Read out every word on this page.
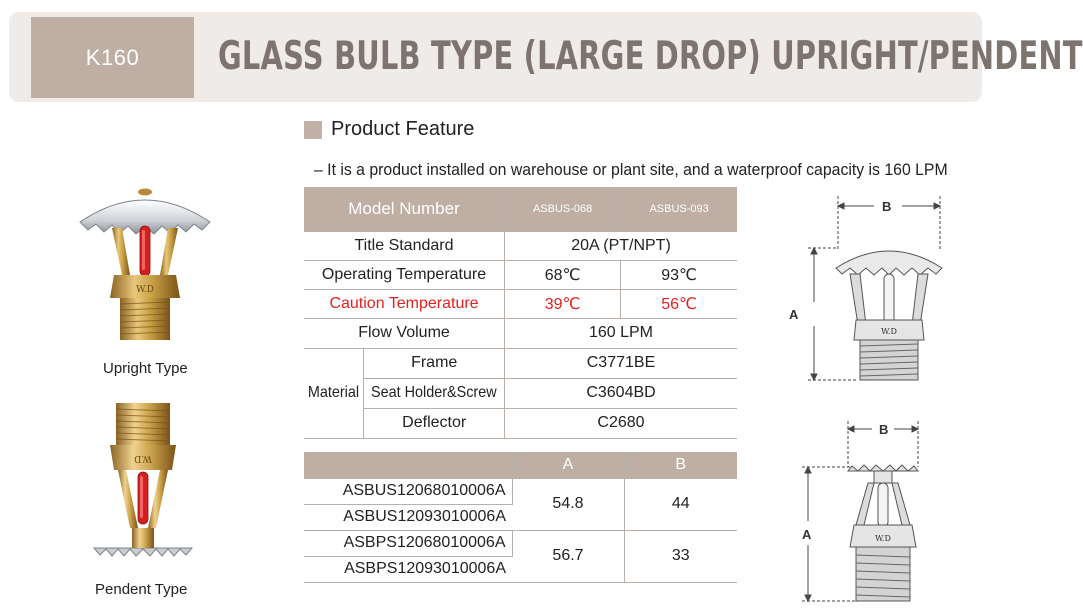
K160 GLASS BULB TYPE (LARGE DROP) UPRIGHT/PENDENT
Product Feature
– It is a product installed on warehouse or plant site, and a waterproof capacity is 160 LPM
Model Number		ASBUS-068	ASBUS-093
Title Standard		20A (PT/NPT)	
Operating Temperature		68℃	93℃
Caution Temperature		39℃	56℃
Flow Volume		160 LPM	
Material	Frame	C3771BE	
	Seat Holder&Screw	C3604BD	
	Deflector	C2680	
	A	B
ASBUS12068010006A	54.8	44
ASBUS12093010006A		
ASBPS12068010006A	56.7	33
ASBPS12093010006A		
W.D
Upright Type
W.D
Pendent Type
B
A
W.D
B
A	W.D
